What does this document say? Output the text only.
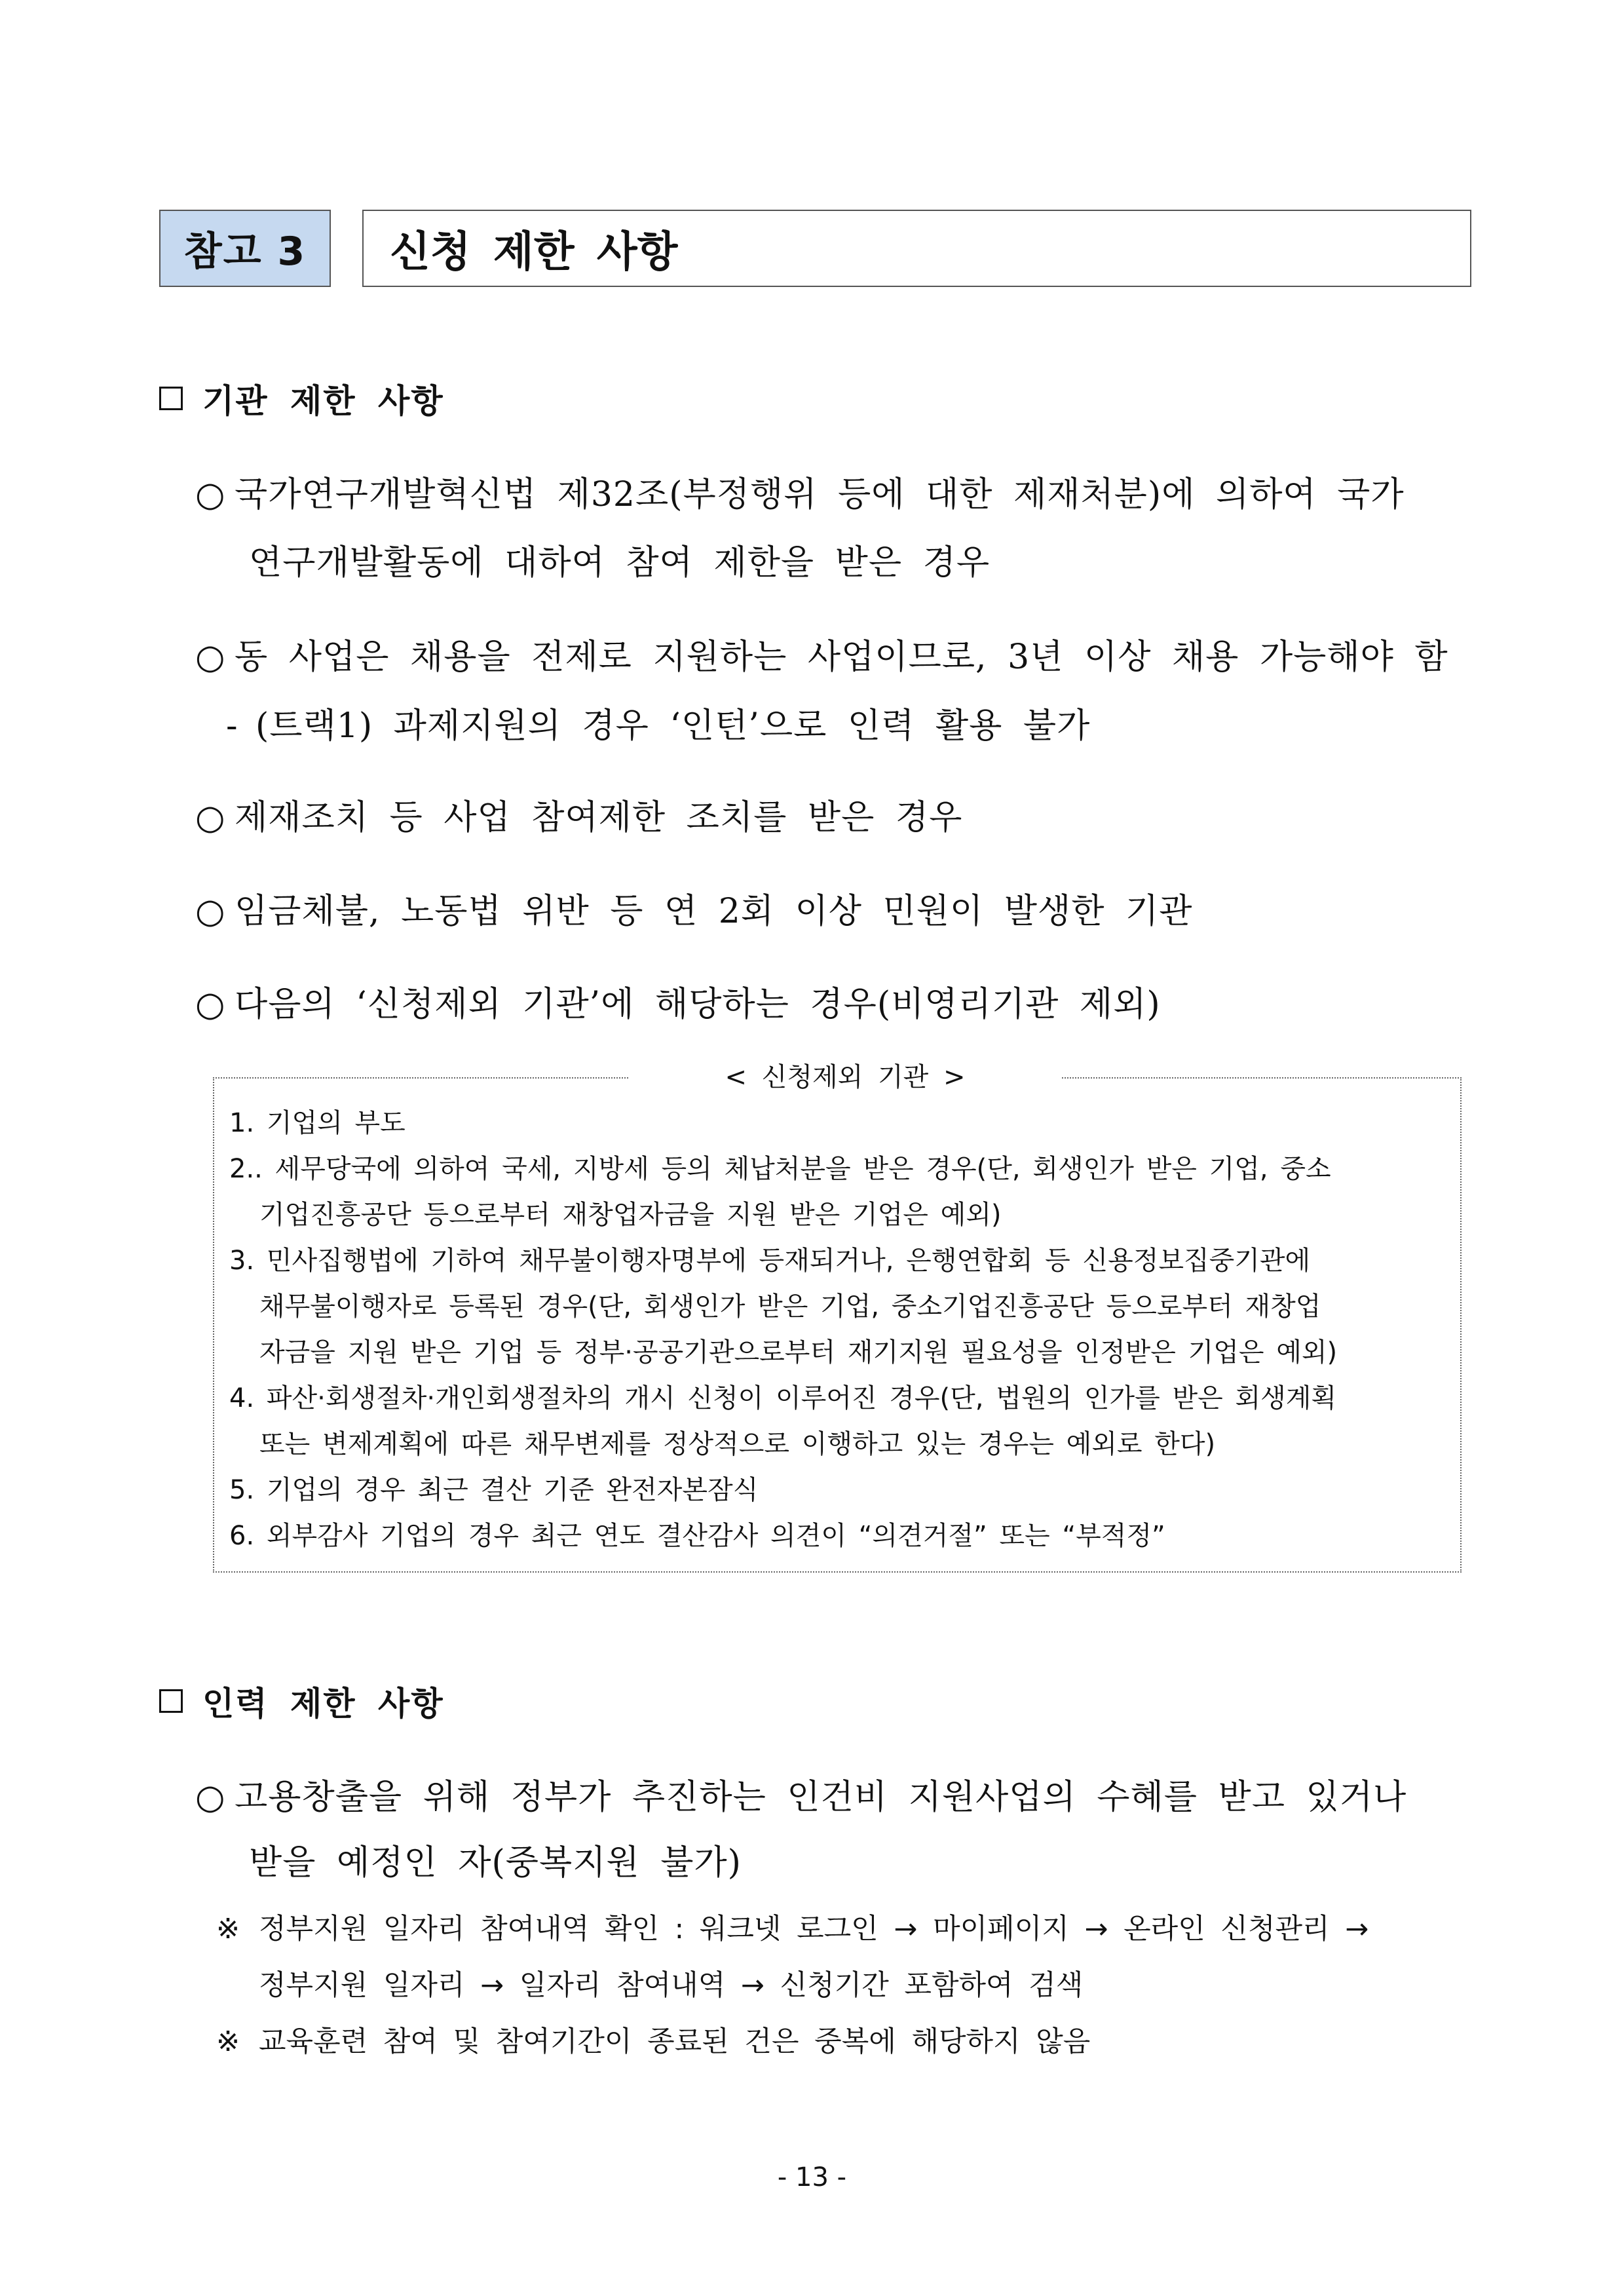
참고 3	신청 제한 사항
기관 제한 사항
○ 국가연구개발혁신법 제32조(부정행위 등에 대한 제재처분)에 의하여 국가
연구개발활동에 대하여 참여 제한을 받은 경우
○ 동 사업은 채용을 전제로 지원하는 사업이므로, 3년 이상 채용 가능해야 함
- (트랙1) 과제지원의 경우 ‘인턴’으로 인력 활용 불가
○ 제재조치 등 사업 참여제한 조치를 받은 경우
○ 임금체불, 노동법 위반 등 연 2회 이상 민원이 발생한 기관
○ 다음의 ‘신청제외 기관’에 해당하는 경우(비영리기관 제외)
< 신청제외 기관 >
1. 기업의 부도
2.. 세무당국에 의하여 국세, 지방세 등의 체납처분을 받은 경우(단, 회생인가 받은 기업, 중소
기업진흥공단 등으로부터 재창업자금을 지원 받은 기업은 예외)
3. 민사집행법에 기하여 채무불이행자명부에 등재되거나, 은행연합회 등 신용정보집중기관에
채무불이행자로 등록된 경우(단, 회생인가 받은 기업, 중소기업진흥공단 등으로부터 재창업
자금을 지원 받은 기업 등 정부·공공기관으로부터 재기지원 필요성을 인정받은 기업은 예외)
4. 파산·회생절차·개인회생절차의 개시 신청이 이루어진 경우(단, 법원의 인가를 받은 회생계획
또는 변제계획에 따른 채무변제를 정상적으로 이행하고 있는 경우는 예외로 한다)
5. 기업의 경우 최근 결산 기준 완전자본잠식
6. 외부감사 기업의 경우 최근 연도 결산감사 의견이 “의견거절” 또는 “부적정”
인력 제한 사항
○ 고용창출을 위해 정부가 추진하는 인건비 지원사업의 수혜를 받고 있거나
받을 예정인 자(중복지원 불가)
※ 정부지원 일자리 참여내역 확인 : 워크넷 로그인 → 마이페이지 → 온라인 신청관리 →
정부지원 일자리 → 일자리 참여내역 → 신청기간 포함하여 검색
※ 교육훈련 참여 및 참여기간이 종료된 건은 중복에 해당하지 않음
- 13 -
